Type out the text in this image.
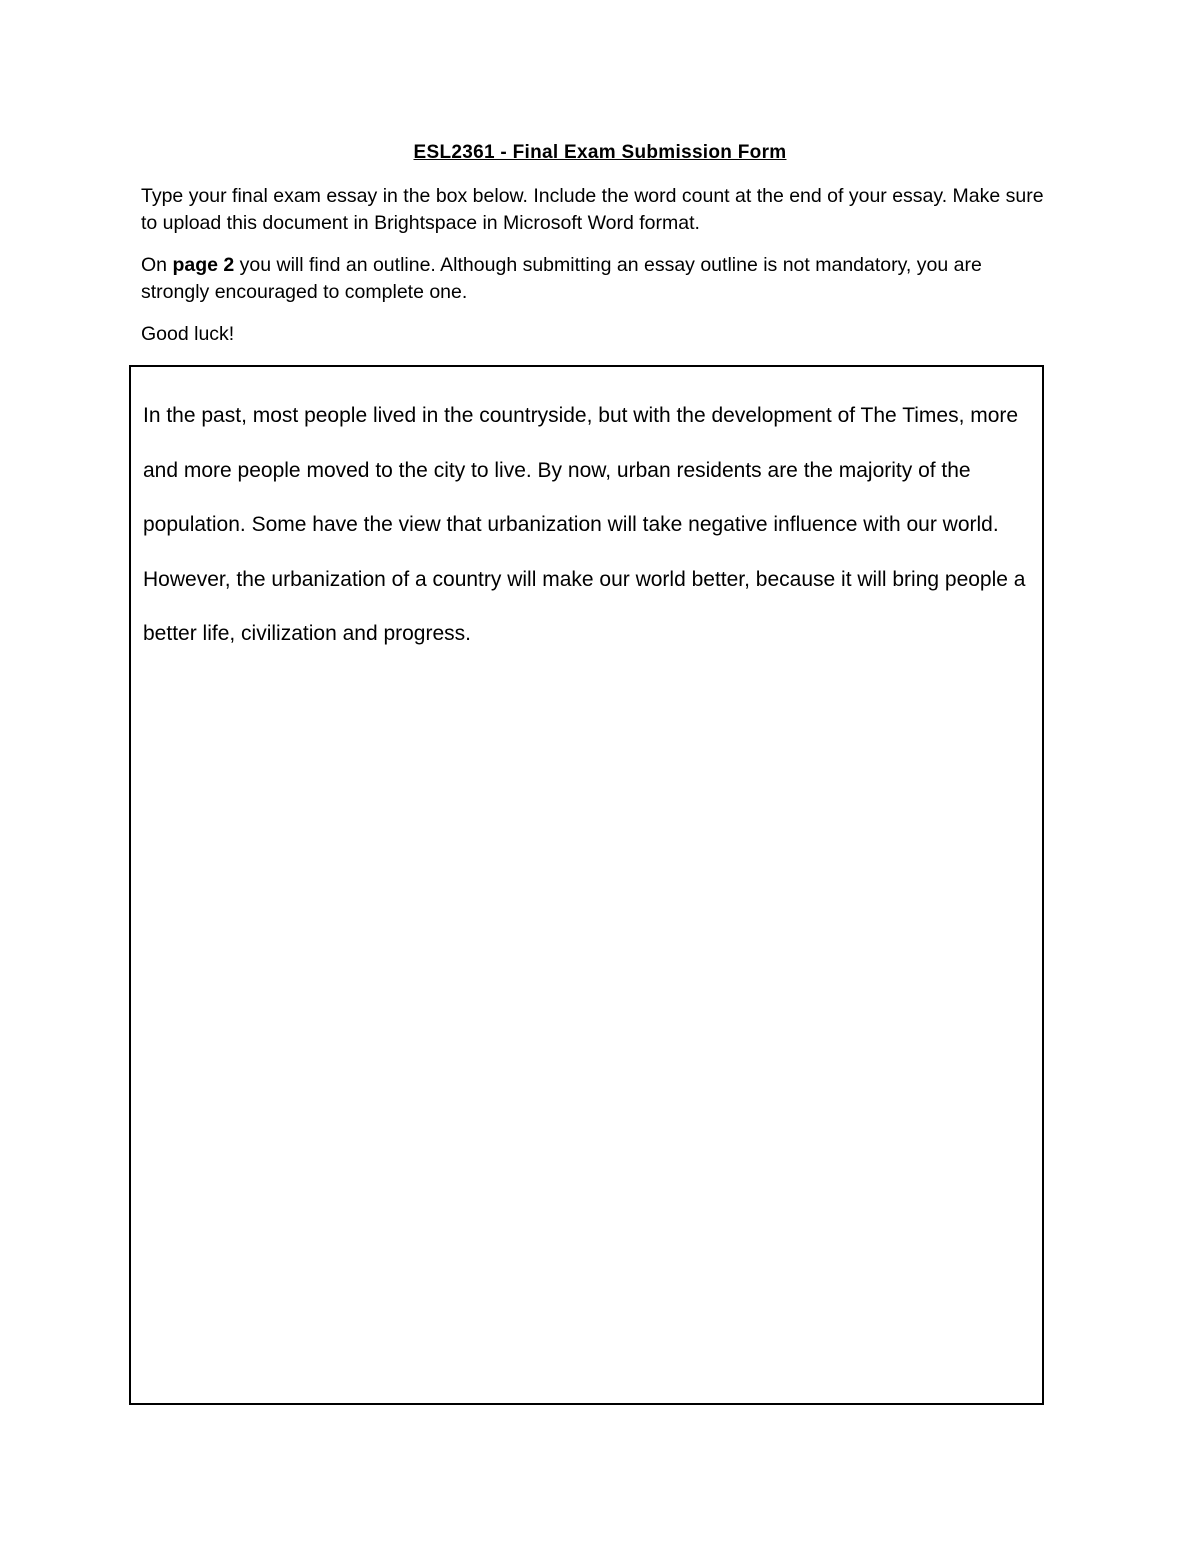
ESL2361 - Final Exam Submission Form

Type your final exam essay in the box below. Include the word count at the end of your essay. Make sure to upload this document in Brightspace in Microsoft Word format.

On page 2 you will find an outline. Although submitting an essay outline is not mandatory, you are strongly encouraged to complete one.

Good luck!

In the past, most people lived in the countryside, but with the development of The Times, more and more people moved to the city to live. By now, urban residents are the majority of the population. Some have the view that urbanization will take negative influence with our world. However, the urbanization of a country will make our world better, because it will bring people a better life, civilization and progress.
